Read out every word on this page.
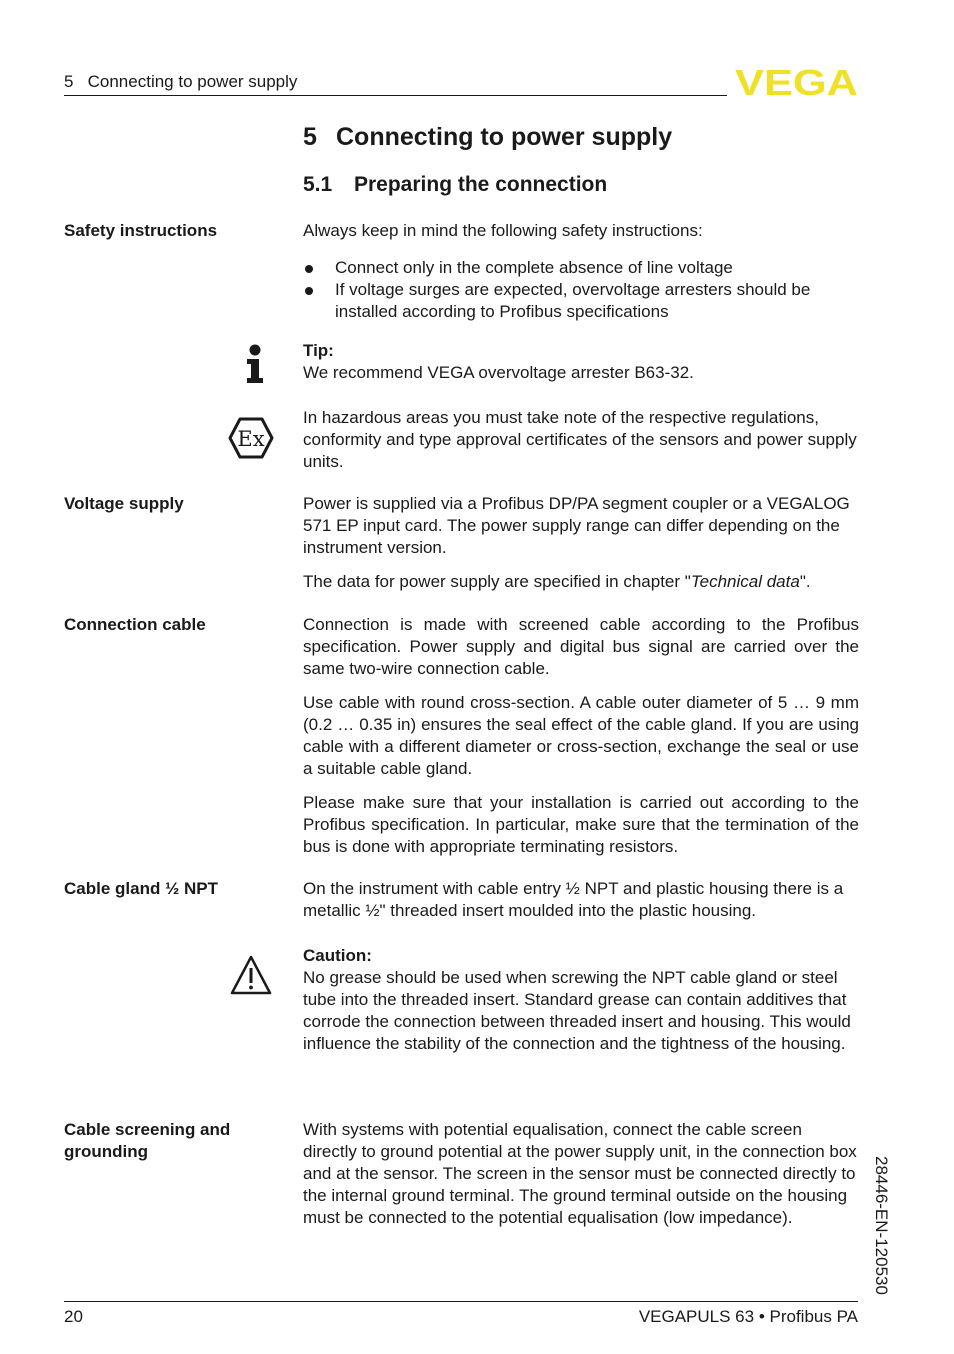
5   Connecting to power supply	VEGA
5 Connecting to power supply
5.1 Preparing the connection
Safety instructions	Always keep in mind the following safety instructions:
Connect only in the complete absence of line voltage
If voltage surges are expected, overvoltage arresters should be installed according to Profibus specifications
Tip:
We recommend VEGA overvoltage arrester B63-32.
Ex
In hazardous areas you must take note of the respective regulations, conformity and type approval certificates of the sensors and power supply units.
Voltage supply	Power is supplied via a Profibus DP/PA segment coupler or a VEGALOG 571 EP input card. The power supply range can differ depending on the instrument version.
The data for power supply are specified in chapter "Technical data".
Connection cable	Connection is made with screened cable according to the Profibus specification. Power supply and digital bus signal are carried over the same two-wire connection cable.
Use cable with round cross-section. A cable outer diameter of 5 … 9 mm (0.2 … 0.35 in) ensures the seal effect of the cable gland. If you are using cable with a different diameter or cross-section, exchange the seal or use a suitable cable gland.
Please make sure that your installation is carried out according to the Profibus specification. In particular, make sure that the termination of the bus is done with appropriate terminating resistors.
Cable gland ½ NPT	On the instrument with cable entry ½ NPT and plastic housing there is a metallic ½" threaded insert moulded into the plastic housing.
Caution:
No grease should be used when screwing the NPT cable gland or steel tube into the threaded insert. Standard grease can contain additives that corrode the connection between threaded insert and housing. This would influence the stability of the connection and the tightness of the housing.
Cable screening and grounding
With systems with potential equalisation, connect the cable screen directly to ground potential at the power supply unit, in the connection box and at the sensor. The screen in the sensor must be connected directly to the internal ground terminal. The ground terminal outside on the housing must be connected to the potential equalisation (low impedance).	28446-EN-120530
20	VEGAPULS 63 • Profibus PA
